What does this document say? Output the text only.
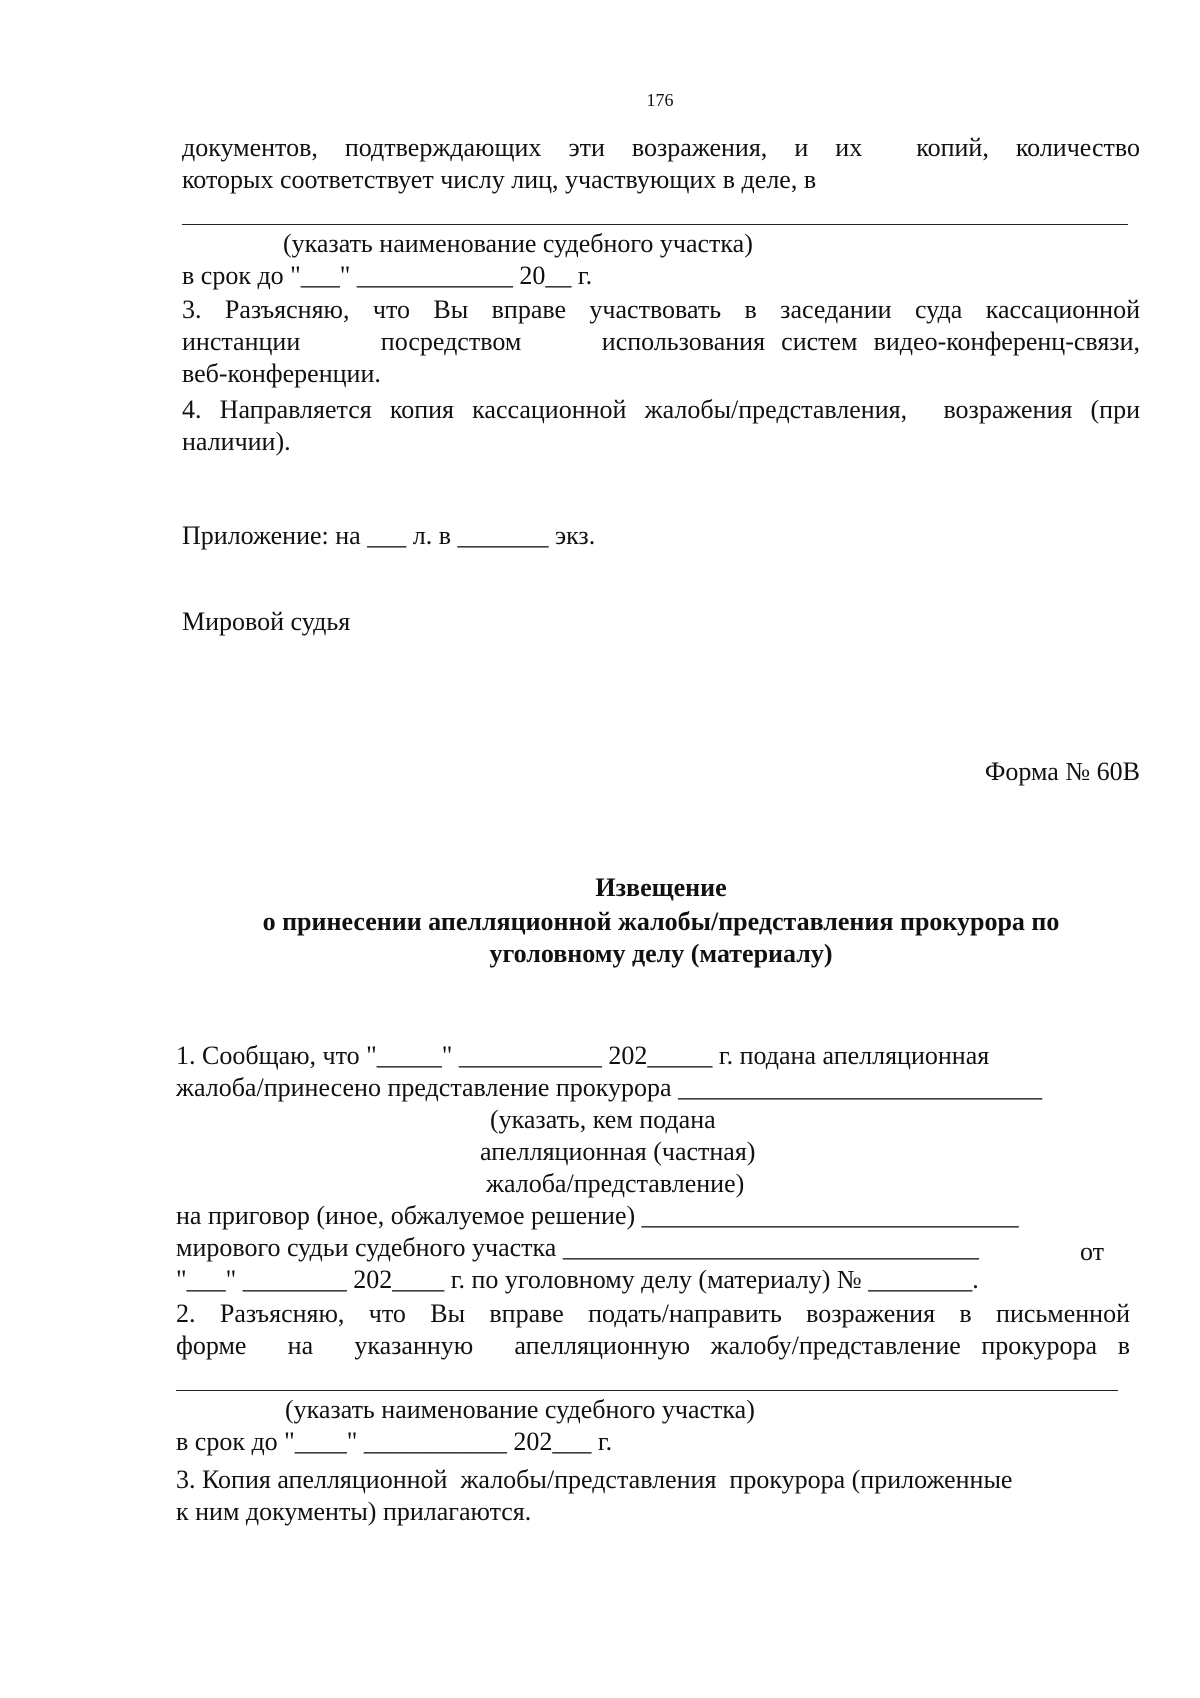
176
документов, подтверждающих эти возражения, и их  копий, количество
которых соответствует числу лиц, участвующих в деле, в
(указать наименование судебного участка)
в срок до "___" ____________ 20__ г.
3. Разъясняю, что Вы вправе участвовать в заседании суда кассационной
инстанции     посредством     использования систем видео-конференц-связи,
веб-конференции.
4. Направляется копия кассационной жалобы/представления,  возражения (при
наличии).
Приложение: на ___ л. в _______ экз.
Мировой судья
Форма № 60В
Извещение
о принесении апелляционной жалобы/представления прокурора по
уголовному делу (материалу)
1. Сообщаю, что "_____" ___________ 202_____ г. подана апелляционная
жалоба/принесено представление прокурора ____________________________
(указать, кем подана
апелляционная (частная)
жалоба/представление)
на приговор (иное, обжалуемое решение) _____________________________
мирового судьи судебного участка ________________________________	от
"___" ________ 202____ г. по уголовному делу (материалу) № ________.
2. Разъясняю, что Вы вправе подать/направить возражения в письменной
форме  на  указанную  апелляционную жалобу/представление прокурора в
(указать наименование судебного участка)
в срок до "____" ___________ 202___ г.
3. Копия апелляционной  жалобы/представления  прокурора (приложенные
к ним документы) прилагаются.
